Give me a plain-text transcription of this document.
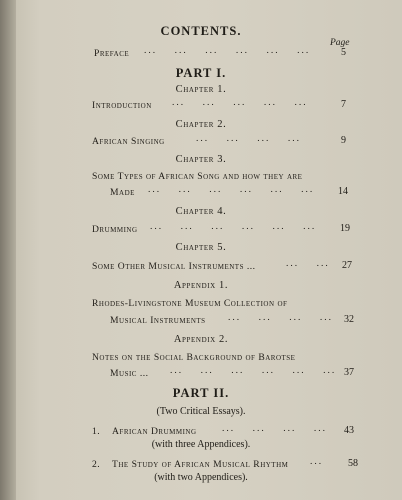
CONTENTS.
Page
Preface ... ... ... ... ... ...	5
PART I.
Chapter 1.
Introduction ... ... ... ... ...	7
Chapter 2.
African Singing	... ... ... ...	9
Chapter 3.
Some Types of African Song and how they are
Made ... ... ... ... ... ...	14
Chapter 4.
Drumming ... ... ... ... ... ...	19
Chapter 5.
Some Other Musical Instruments ...	... ...	27
Appendix 1.
Rhodes-Livingstone Museum Collection of
Musical Instruments ... ... ... ...	32
Appendix 2.
Notes on the Social Background of Barotse
Music ... ... ... ... ... ... ... 37
PART II.
(Two Critical Essays).
1. African Drumming	... ... ... ...	43
(with three Appendices).
2. The Study of African Musical Rhythm ...	58
(with two Appendices).
